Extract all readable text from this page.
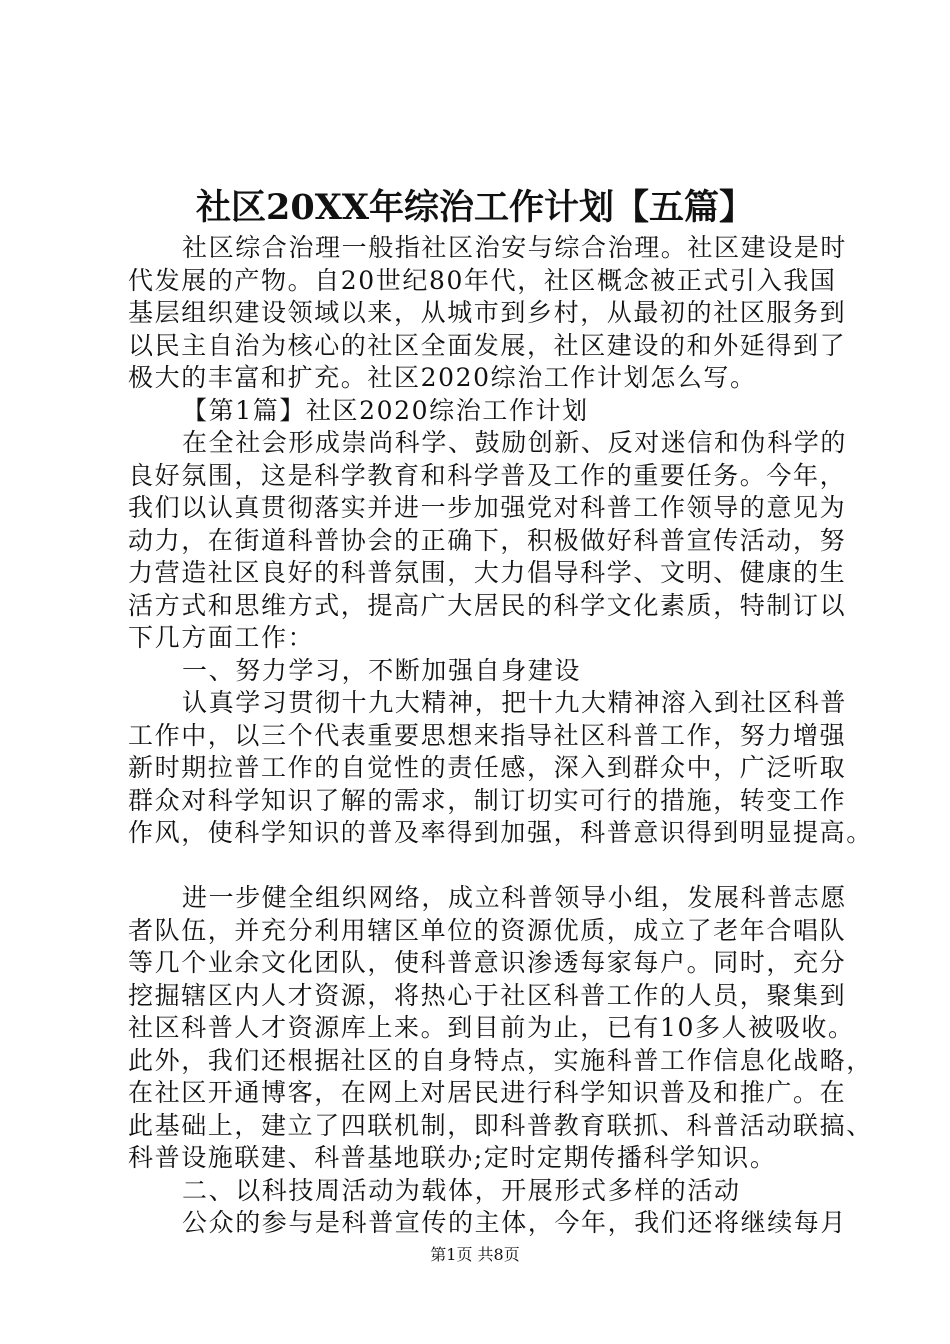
社区20XX年综治工作计划【五篇】
社区综合治理一般指社区治安与综合治理。社区建设是时
代发展的产物。自20世纪80年代，社区概念被正式引入我国
基层组织建设领域以来，从城市到乡村，从最初的社区服务到
以民主自治为核心的社区全面发展，社区建设的和外延得到了
极大的丰富和扩充。社区2020综治工作计划怎么写。
【第1篇】社区2020综治工作计划
在全社会形成崇尚科学、鼓励创新、反对迷信和伪科学的
良好氛围，这是科学教育和科学普及工作的重要任务。今年，
我们以认真贯彻落实并进一步加强党对科普工作领导的意见为
动力，在街道科普协会的正确下，积极做好科普宣传活动，努
力营造社区良好的科普氛围，大力倡导科学、文明、健康的生
活方式和思维方式，提高广大居民的科学文化素质，特制订以
下几方面工作：
一、努力学习，不断加强自身建设
认真学习贯彻十九大精神，把十九大精神溶入到社区科普
工作中，以三个代表重要思想来指导社区科普工作，努力增强
新时期拉普工作的自觉性的责任感，深入到群众中，广泛听取
群众对科学知识了解的需求，制订切实可行的措施，转变工作
作风，使科学知识的普及率得到加强，科普意识得到明显提高。
进一步健全组织网络，成立科普领导小组，发展科普志愿
者队伍，并充分利用辖区单位的资源优质，成立了老年合唱队
等几个业余文化团队，使科普意识渗透每家每户。同时，充分
挖掘辖区内人才资源，将热心于社区科普工作的人员，聚集到
社区科普人才资源库上来。到目前为止，已有10多人被吸收。
此外，我们还根据社区的自身特点，实施科普工作信息化战略，
在社区开通博客，在网上对居民进行科学知识普及和推广。在
此基础上，建立了四联机制，即科普教育联抓、科普活动联搞、
科普设施联建、科普基地联办;定时定期传播科学知识。
二、以科技周活动为载体，开展形式多样的活动
公众的参与是科普宣传的主体，今年，我们还将继续每月
第1页 共8页
